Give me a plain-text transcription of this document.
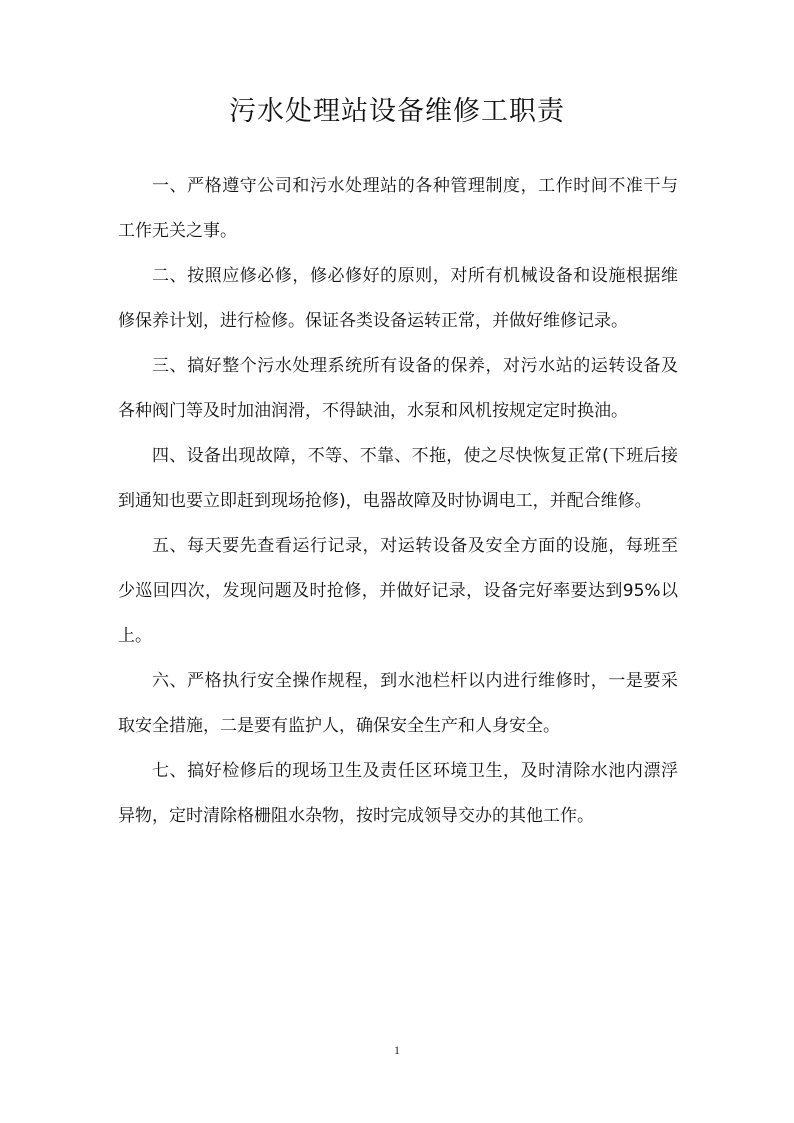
污水处理站设备维修工职责

一、严格遵守公司和污水处理站的各种管理制度，工作时间不准干与工作无关之事。

二、按照应修必修，修必修好的原则，对所有机械设备和设施根据维修保养计划，进行检修。保证各类设备运转正常，并做好维修记录。

三、搞好整个污水处理系统所有设备的保养，对污水站的运转设备及各种阀门等及时加油润滑，不得缺油，水泵和风机按规定定时换油。

四、设备出现故障，不等、不靠、不拖，使之尽快恢复正常(下班后接到通知也要立即赶到现场抢修)，电器故障及时协调电工，并配合维修。

五、每天要先查看运行记录，对运转设备及安全方面的设施，每班至少巡回四次，发现问题及时抢修，并做好记录，设备完好率要达到95%以上。

六、严格执行安全操作规程，到水池栏杆以内进行维修时，一是要采取安全措施，二是要有监护人，确保安全生产和人身安全。

七、搞好检修后的现场卫生及责任区环境卫生，及时清除水池内漂浮异物，定时清除格栅阻水杂物，按时完成领导交办的其他工作。

1
